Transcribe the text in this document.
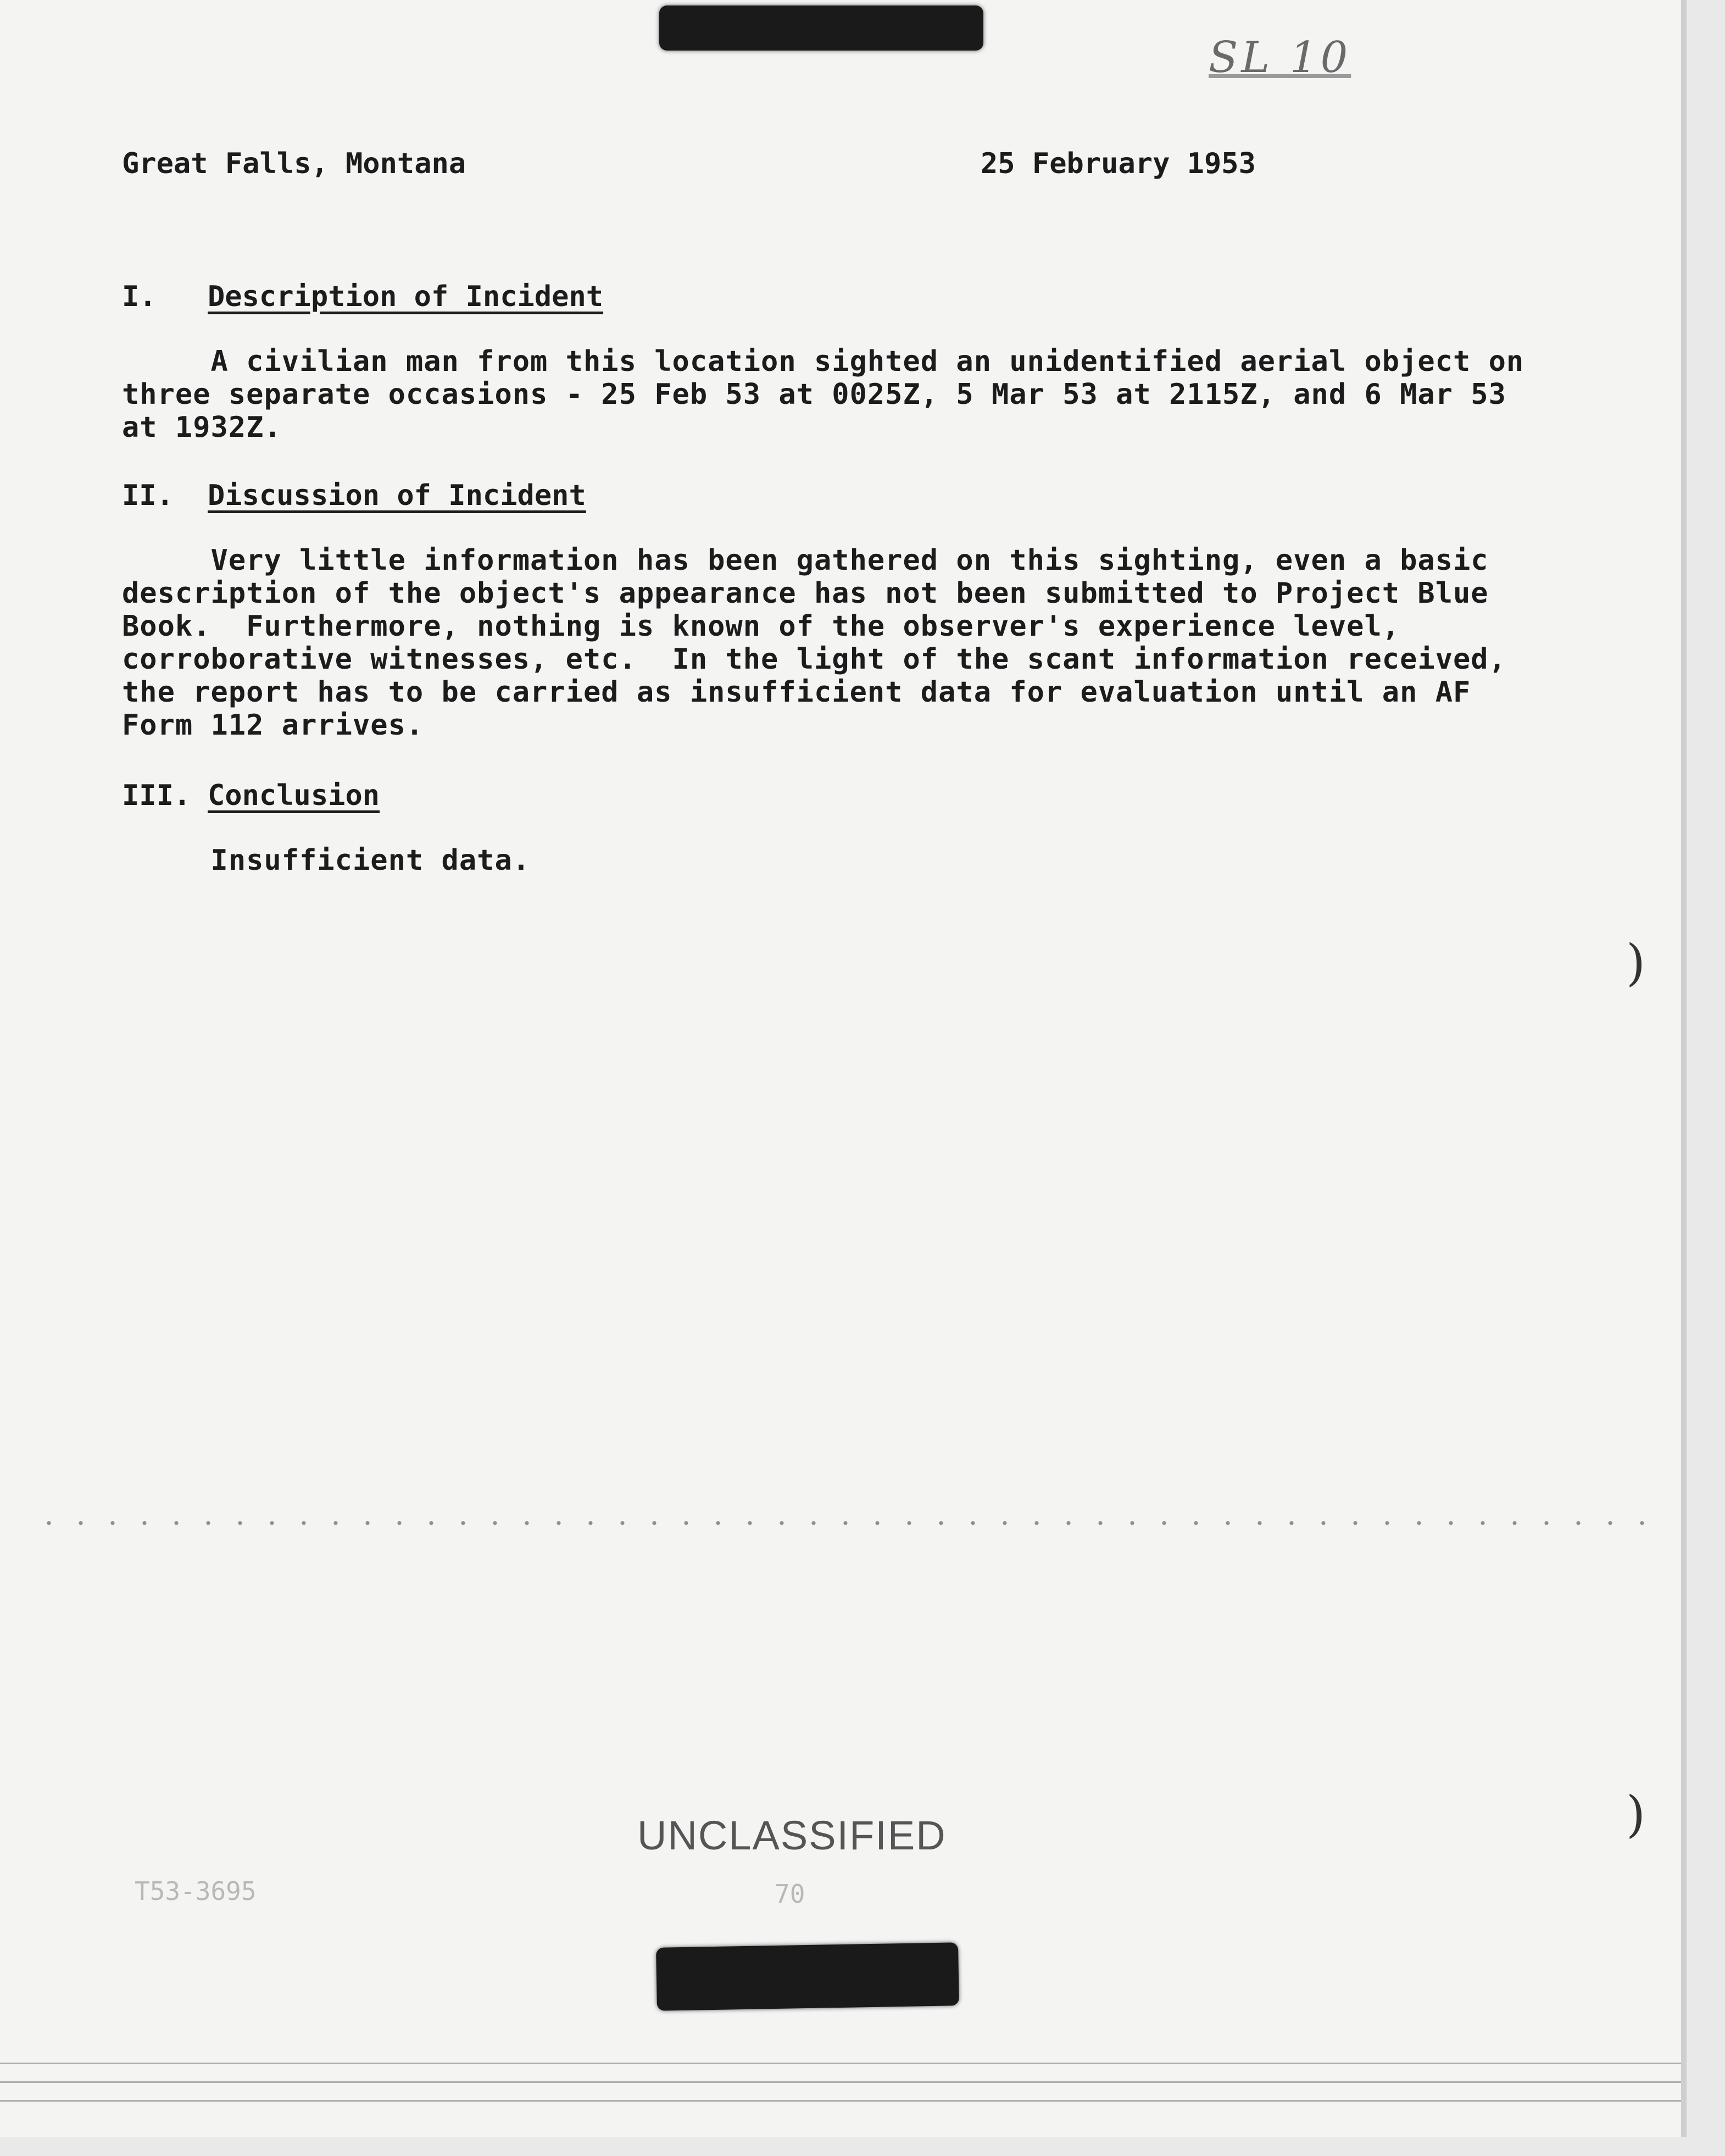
SL 10
Great Falls, Montana	25 February 1953
I. Description of Incident
A civilian man from this location sighted an unidentified aerial object on
three separate occasions - 25 Feb 53 at 0025Z, 5 Mar 53 at 2115Z, and 6 Mar 53
at 1932Z.
II. Discussion of Incident
Very little information has been gathered on this sighting, even a basic
description of the object's appearance has not been submitted to Project Blue
Book.  Furthermore, nothing is known of the observer's experience level,
corroborative witnesses, etc.  In the light of the scant information received,
the report has to be carried as insufficient data for evaluation until an AF
Form 112 arrives.
III. Conclusion
Insufficient data.
)
)
UNCLASSIFIED
T53-3695	70
